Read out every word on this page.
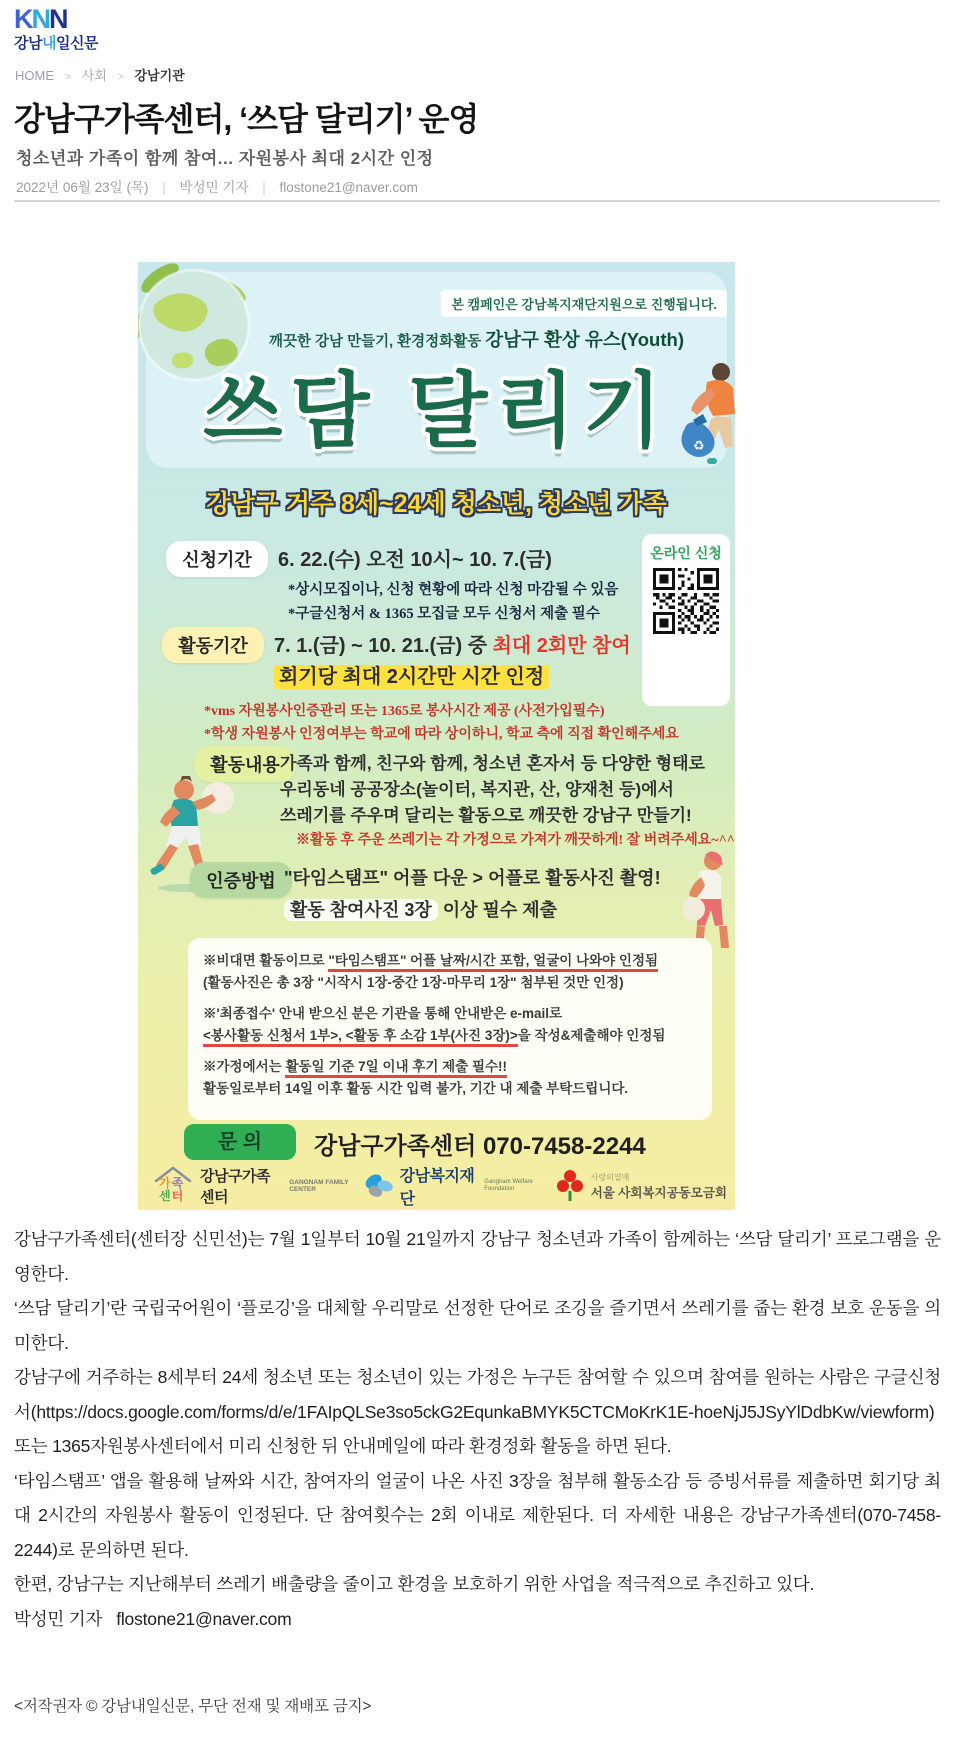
KNN
강남내일신문
HOME > 사회 > 강남기관
강남구가족센터, ‘쓰담 달리기’ 운영
청소년과 가족이 함께 참여... 자원봉사 최대 2시간 인정
2022년 06월 23일 (목) | 박성민 기자 | flostone21@naver.com
본 캠페인은 강남복지재단지원으로 진행됩니다.
깨끗한 강남 만들기, 환경정화활동 강남구 환상 유스(Youth)
쓰담 달리기	♻
강남구 거주 8세~24세 청소년, 청소년 가족
신청기간	6. 22.(수) 오전 10시~ 10. 7.(금)
*상시모집이나, 신청 현황에 따라 신청 마감될 수 있음
*구글신청서 & 1365 모집글 모두 신청서 제출 필수
온라인 신청
활동기간	7. 1.(금) ~ 10. 21.(금) 중 최대 2회만 참여
회기당 최대 2시간만 시간 인정
*vms 자원봉사인증관리 또는 1365로 봉사시간 제공 (사전가입필수)
*학생 자원봉사 인정여부는 학교에 따라 상이하니, 학교 측에 직접 확인해주세요
활동내용 가족과 함께, 친구와 함께, 청소년 혼자서 등 다양한 형태로
우리동네 공공장소(놀이터, 복지관, 산, 양재천 등)에서
쓰레기를 주우며 달리는 활동으로 깨끗한 강남구 만들기!
※활동 후 주운 쓰레기는 각 가정으로 가져가 깨끗하게! 잘 버려주세요~^^
인증방법 "타임스탬프" 어플 다운 > 어플로 활동사진 촬영!
활동 참여사진 3장 이상 필수 제출
※비대면 활동이므로 "타임스탬프" 어플 날짜/시간 포함, 얼굴이 나와야 인정됨
(활동사진은 총 3장 "시작시 1장-중간 1장-마무리 1장" 첨부된 것만 인정)
※'최종접수' 안내 받으신 분은 기관을 통해 안내받은 e-mail로
<봉사활동 신청서 1부>, <활동 후 소감 1부(사진 3장)>을 작성&제출해야 인정됨
※가정에서는 활동일 기준 7일 이내 후기 제출 필수!!
활동일로부터 14일 이후 활동 시간 입력 불가, 기간 내 제출 부탁드립니다.
문 의	강남구가족센터 070-7458-2244
가족
센터
강남구가족센터
GANGNAM FAMILY CENTER
강남복지재단
Gangnam Welfare Foundation
사랑의열매
서울 사회복지공동모금회

강남구가족센터(센터장 신민선)는 7월 1일부터 10월 21일까지 강남구 청소년과 가족이 함께하는 ‘쓰담 달리기’ 프로그램을 운영한다.

‘쓰담 달리기’란 국립국어원이 ‘플로깅’을 대체할 우리말로 선정한 단어로 조깅을 즐기면서 쓰레기를 줍는 환경 보호 운동을 의미한다.

강남구에 거주하는 8세부터 24세 청소년 또는 청소년이 있는 가정은 누구든 참여할 수 있으며 참여를 원하는 사람은 구글신청서(https://docs.google.com/forms/d/e/1FAIpQLSe3so5ckG2EqunkaBMYK5CTCMoKrK1E-hoeNjJ5JSyYlDdbKw/viewform) 또는 1365자원봉사센터에서 미리 신청한 뒤 안내메일에 따라 환경정화 활동을 하면 된다.

‘타임스탬프’ 앱을 활용해 날짜와 시간, 참여자의 얼굴이 나온 사진 3장을 첨부해 활동소감 등 증빙서류를 제출하면 회기당 최대 2시간의 자원봉사 활동이 인정된다. 단 참여횟수는 2회 이내로 제한된다. 더 자세한 내용은 강남구가족센터(070-7458-2244)로 문의하면 된다.

한편, 강남구는 지난해부터 쓰레기 배출량을 줄이고 환경을 보호하기 위한 사업을 적극적으로 추진하고 있다.

박성민 기자 flostone21@naver.com

<저작권자 © 강남내일신문, 무단 전재 및 재배포 금지>
